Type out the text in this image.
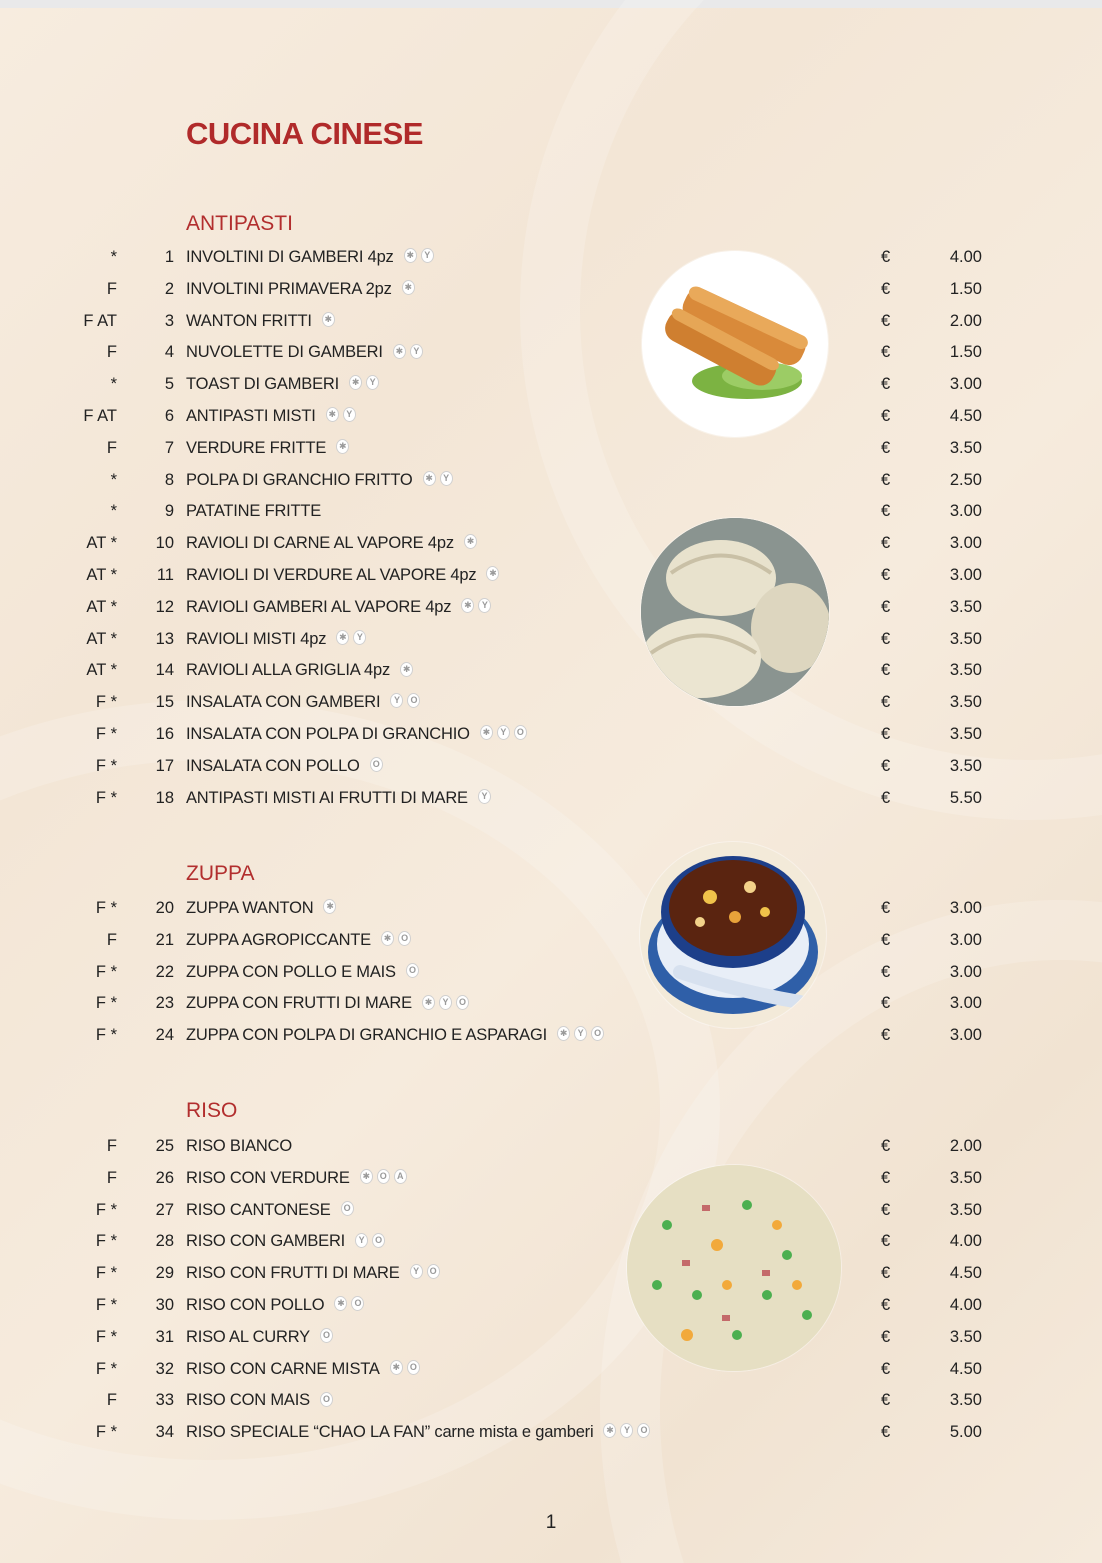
CUCINA CINESE
ANTIPASTI
*	1 INVOLTINI DI GAMBERI 4pz	✱	Y	€	4.00
F	2 INVOLTINI PRIMAVERA 2pz	✱	€	1.50
F AT	3 WANTON FRITTI	✱	€	2.00
F	4 NUVOLETTE DI GAMBERI	✱	Y	€	1.50
*	5 TOAST DI GAMBERI	✱	Y	€	3.00
F AT	6 ANTIPASTI MISTI	✱	Y	€	4.50
F	7 VERDURE FRITTE	✱	€	3.50
*	8 POLPA DI GRANCHIO FRITTO	✱	Y	€	2.50
*	9 PATATINE FRITTE	€	3.00
AT * 10 RAVIOLI DI CARNE AL VAPORE 4pz	✱	€	3.00
AT * 11 RAVIOLI DI VERDURE AL VAPORE 4pz	✱	€	3.00
AT * 12 RAVIOLI GAMBERI AL VAPORE 4pz	✱	Y	€	3.50
AT * 13 RAVIOLI MISTI 4pz	✱	Y	€	3.50
AT * 14 RAVIOLI ALLA GRIGLIA 4pz	✱	€	3.50
F * 15 INSALATA CON GAMBERI	Y	O	€	3.50
F * 16 INSALATA CON POLPA DI GRANCHIO	✱	Y	O	€	3.50
F * 17 INSALATA CON POLLO	O	€	3.50
F * 18 ANTIPASTI MISTI AI FRUTTI DI MARE	Y	€	5.50
ZUPPA
F * 20 ZUPPA WANTON	✱	€	3.00
F 21 ZUPPA AGROPICCANTE	✱	O	€	3.00
F * 22 ZUPPA CON POLLO E MAIS	O	€	3.00
F * 23 ZUPPA CON FRUTTI DI MARE	✱	Y	O	€	3.00
F * 24 ZUPPA CON POLPA DI GRANCHIO E ASPARAGI	✱	Y	O	€	3.00
RISO
F 25 RISO BIANCO	€	2.00
F 26 RISO CON VERDURE	✱	O	A	€	3.50
F * 27 RISO CANTONESE	O	€	3.50
F * 28 RISO CON GAMBERI	Y	O	€	4.00
F * 29 RISO CON FRUTTI DI MARE	Y	O	€	4.50
F * 30 RISO CON POLLO	✱	O	€	4.00
F * 31 RISO AL CURRY	O	€	3.50
F * 32 RISO CON CARNE MISTA	✱	O	€	4.50
F 33 RISO CON MAIS	O	€	3.50
F * 34 RISO SPECIALE “CHAO LA FAN” carne mista e gamberi	✱	Y	O	€	5.00
1
